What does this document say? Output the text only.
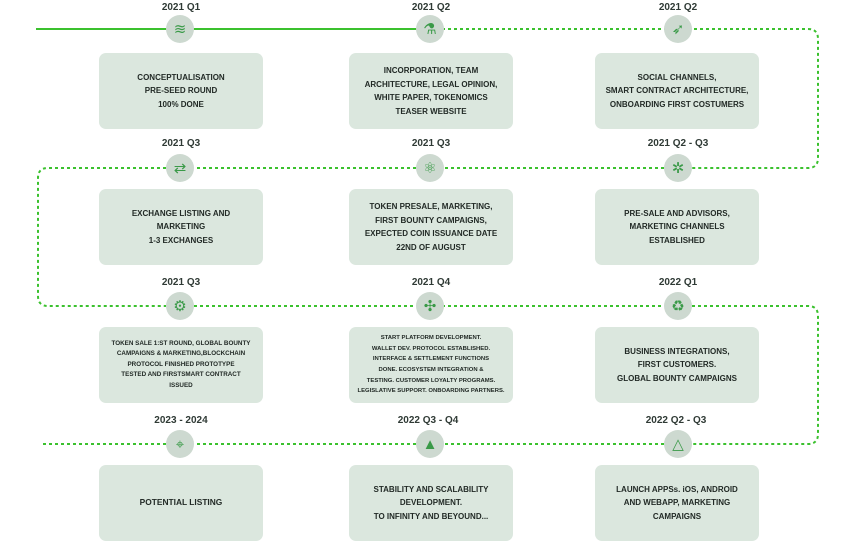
2021 Q1
≋
CONCEPTUALISATION
PRE-SEED ROUND
100% DONE
2021 Q2
⚗
INCORPORATION, TEAM
ARCHITECTURE, LEGAL OPINION,
WHITE PAPER, TOKENOMICS
TEASER WEBSITE
2021 Q2
➶
SOCIAL CHANNELS,
SMART CONTRACT ARCHITECTURE,
ONBOARDING FIRST COSTUMERS
2021 Q3
⇄
EXCHANGE LISTING AND MARKETING
1-3 EXCHANGES
2021 Q3
⚛
TOKEN PRESALE, MARKETING,
FIRST BOUNTY CAMPAIGNS,
EXPECTED COIN ISSUANCE DATE
22ND OF AUGUST
2021 Q2 - Q3
✲
PRE-SALE AND ADVISORS,
MARKETING CHANNELS
ESTABLISHED
2021 Q3
⚙
TOKEN SALE 1:ST ROUND, GLOBAL BOUNTY
CAMPAIGNS & MARKETING,BLOCKCHAIN
PROTOCOL FINISHED PROTOTYPE
TESTED AND FIRSTSMART CONTRACT
ISSUED
2021 Q4
✣
START PLATFORM DEVELOPMENT.
WALLET DEV. PROTOCOL ESTABLISHED.
INTERFACE & SETTLEMENT FUNCTIONS
DONE. ECOSYSTEM INTEGRATION &
TESTING. CUSTOMER LOYALTY PROGRAMS.
LEGISLATIVE SUPPORT. ONBOARDING PARTNERS.
2022 Q1
♻
BUSINESS INTEGRATIONS,
FIRST CUSTOMERS.
GLOBAL BOUNTY CAMPAIGNS
2023 - 2024
⌖
POTENTIAL LISTING
2022 Q3 - Q4
▲
STABILITY AND SCALABILITY
DEVELOPMENT.
TO INFINITY AND BEYOUND...
2022 Q2 - Q3
△
LAUNCH APPSs. iOS, ANDROID
AND WEBAPP, MARKETING
CAMPAIGNS
